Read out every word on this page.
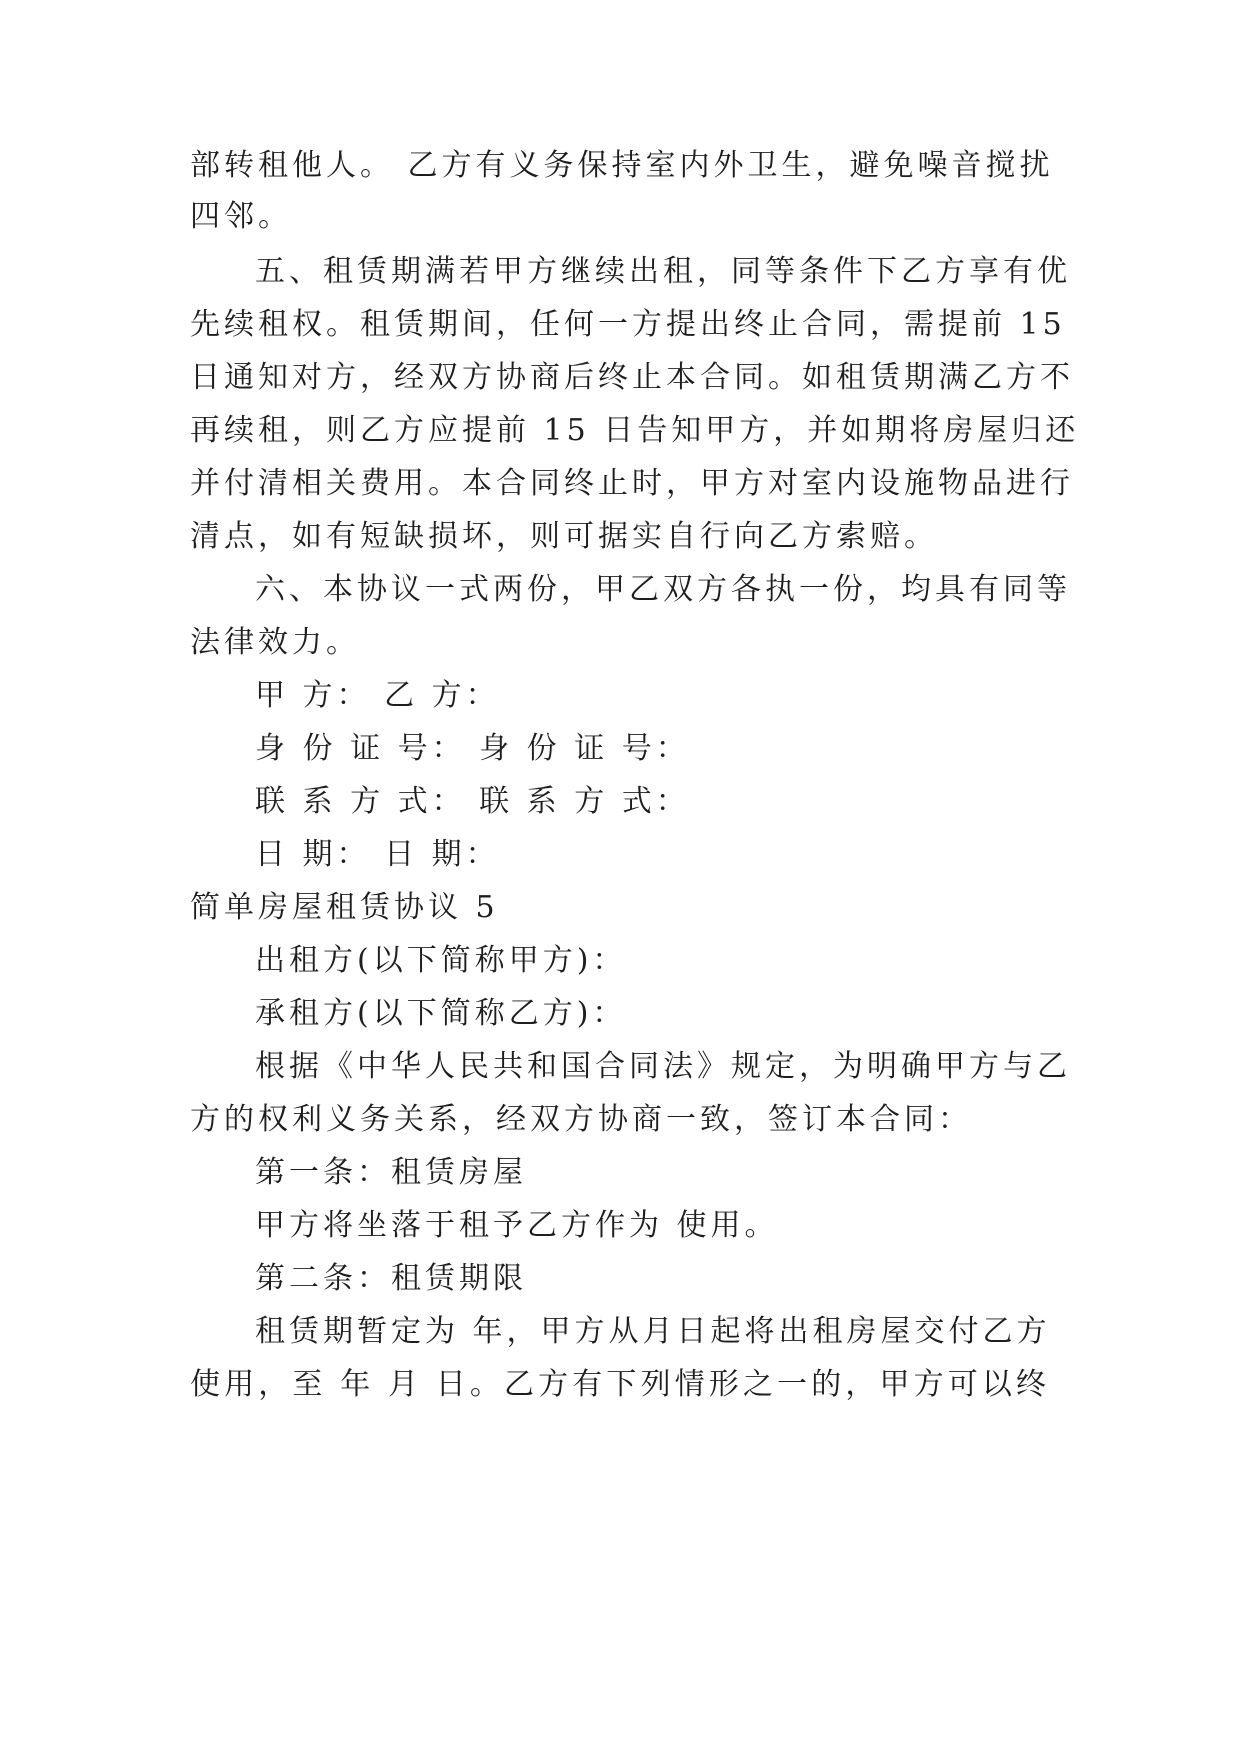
部转租他人。 乙方有义务保持室内外卫生，避免噪音搅扰
四邻。
五、租赁期满若甲方继续出租，同等条件下乙方享有优
先续租权。租赁期间，任何一方提出终止合同，需提前 15
日通知对方，经双方协商后终止本合同。如租赁期满乙方不
再续租，则乙方应提前 15 日告知甲方，并如期将房屋归还
并付清相关费用。本合同终止时，甲方对室内设施物品进行
清点，如有短缺损坏，则可据实自行向乙方索赔。
六、本协议一式两份，甲乙双方各执一份，均具有同等
法律效力。
甲 方： 乙 方：
身 份 证 号： 身 份 证 号：
联 系 方 式： 联 系 方 式：
日 期： 日 期：
简单房屋租赁协议 5
出租方(以下简称甲方)：
承租方(以下简称乙方)：
根据《中华人民共和国合同法》规定，为明确甲方与乙
方的权利义务关系，经双方协商一致，签订本合同：
第一条：租赁房屋
甲方将坐落于租予乙方作为 使用。
第二条：租赁期限
租赁期暂定为 年，甲方从月日起将出租房屋交付乙方
使用，至 年 月 日。乙方有下列情形之一的，甲方可以终
